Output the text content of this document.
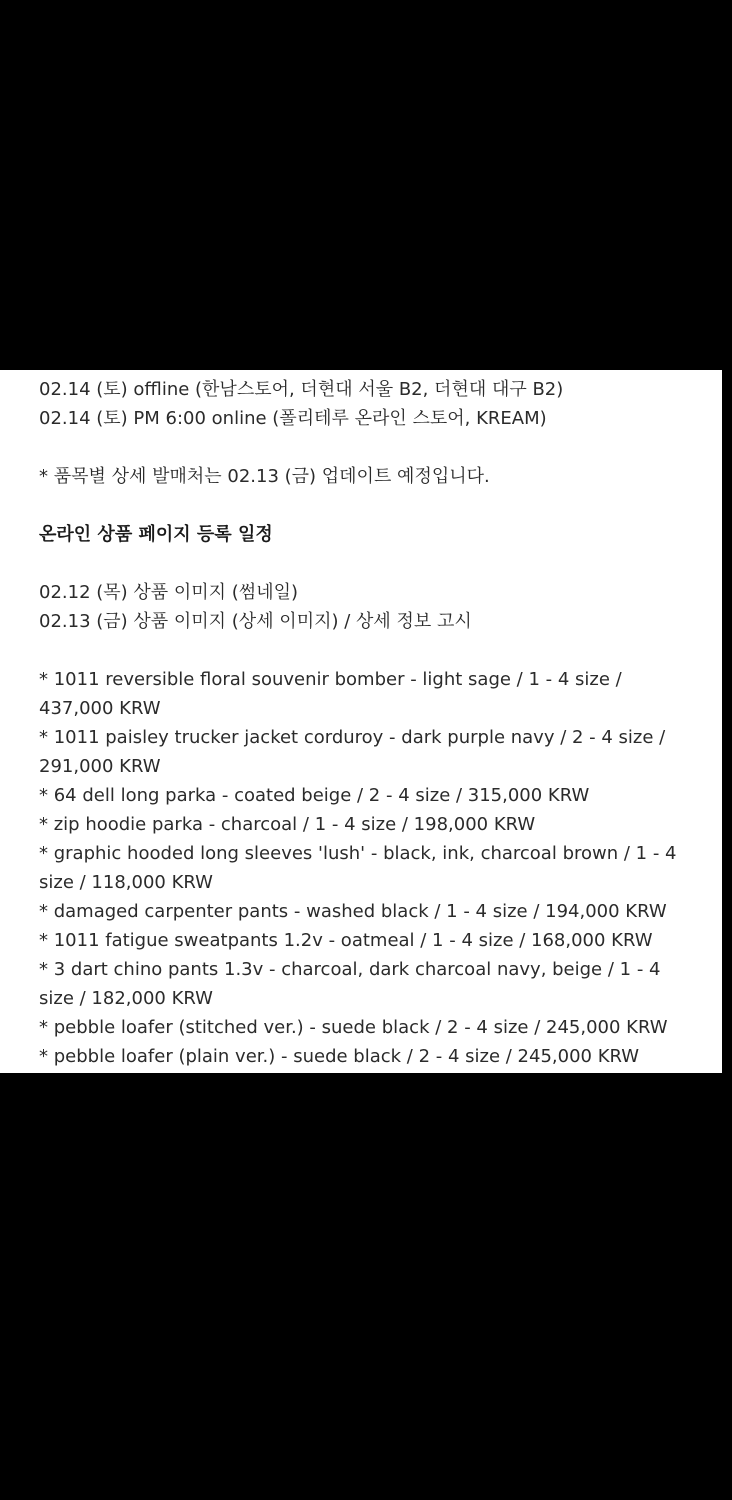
02.14 (토) offline (한남스토어, 더현대 서울 B2, 더현대 대구 B2)

02.14 (토) PM 6:00 online (폴리테루 온라인 스토어, KREAM)

* 품목별 상세 발매처는 02.13 (금) 업데이트 예정입니다.

온라인 상품 페이지 등록 일정

02.12 (목) 상품 이미지 (썸네일)

02.13 (금) 상품 이미지 (상세 이미지) / 상세 정보 고시

* 1011 reversible floral souvenir bomber - light sage / 1 - 4 size / 437,000 KRW

* 1011 paisley trucker jacket corduroy - dark purple navy / 2 - 4 size / 291,000 KRW

* 64 dell long parka - coated beige / 2 - 4 size / 315,000 KRW

* zip hoodie parka - charcoal / 1 - 4 size / 198,000 KRW

* graphic hooded long sleeves 'lush' - black, ink, charcoal brown / 1 - 4 size / 118,000 KRW

* damaged carpenter pants - washed black / 1 - 4 size / 194,000 KRW

* 1011 fatigue sweatpants 1.2v - oatmeal / 1 - 4 size / 168,000 KRW

* 3 dart chino pants 1.3v - charcoal, dark charcoal navy, beige / 1 - 4 size / 182,000 KRW

* pebble loafer (stitched ver.) - suede black / 2 - 4 size / 245,000 KRW

* pebble loafer (plain ver.) - suede black / 2 - 4 size / 245,000 KRW
